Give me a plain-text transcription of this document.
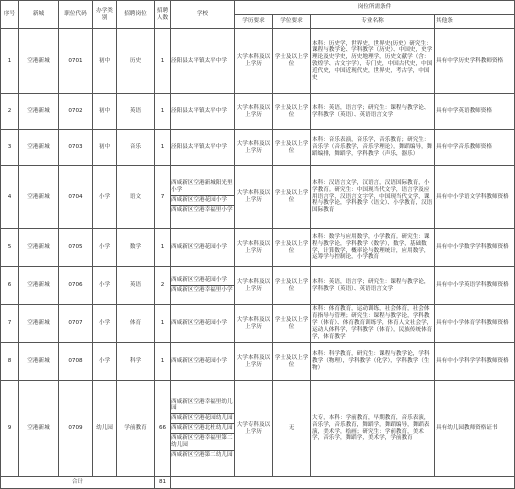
序号	新城	职位代码	办学类别	招聘岗位	招聘人数	学校	岗位所需条件			
							学历要求	学位要求	专业名称	其他条
1	空港新城	0701	初中	历史	1	泾阳县太平镇太平中学	大学本科及以上学历	学士及以上学位	本科：历史学，世界史，世界史(历史）研究生：课程与教学论、学科教学（历史）、中国史，史学理论及史学史，历史地理学，历史文献学（含：敦煌学、古文字学），专门史，中国古代史，中国近代史，中国近现代史，世界史，考古学，中国史	具有中学历史学科教师资格
2	空港新城	0702	初中	英语	1	泾阳县太平镇太平中学	大学本科及以上学历	学士及以上学位	本科：英语，语言学；研究生：课程与教学论、学科教学（英语）、英语语言文学	具有中学英语教师资格
3	空港新城	0703	初中	音乐	1	泾阳县太平镇太平中学	大学本科及以上学历	学士及以上学位	本科：音乐表演，音乐学，音乐教育；研究生：音乐学（音乐教学，音乐学理论），舞蹈编导，舞蹈编排，舞蹈学，学科教学（声乐，器乐）	具有中学音乐教师资格
4	空港新城	0704	小学	语文	7	西咸新区空港新城阳光里小学
西咸新区空港花园小学
西咸新区空港幸福里小学	大学本科及以上学历	学士及以上学位	本科：汉语言文学，汉语言，汉语国际教育，小学教育。研究生：中国现当代文学，语言学及应用语言学，汉语言文字学，中国现当代文学，课程与教学论，学科教学（语文）、小学教育，汉语国际教育	具有中小学语文学科教师资格
5	空港新城	0705	小学	数学	1	西咸新区空港花园小学	大学本科及以上学历	学士及以上学位	本科：数学与应用数学，小学教育。研究生：课程与教学论，学科教学（数学），数学，基础数学，计算数学，概率论与数理统计，应用数学，运筹学与控制论，小学教育	具有中小学数学学科教师资格
6	空港新城	0706	小学	英语	2	西咸新区空港花园小学
西咸新区空港幸福里小学	大学本科及以上学历	学士及以上学位	本科：英语，语言学；研究生：课程与教学论，学科教学（英语）、英语语言文学	具有中小学英语学科教师资格
7	空港新城	0707	小学	体育	1	西咸新区空港花园小学	大学本科及以上学历	学士及以上学位	本科：体育教育，运动训练，社会体育，社会体育指导与管理；研究生：课程与教学论，学科教学（体育）、体育教育训练学，体育人文社会学，运动人体科学，学科教学（体育），民族传统体育学，体育教学	具有中小学体育学科教师资格
8	空港新城	0708	小学	科学	1	西咸新区空港花园小学	大学本科及以上学历	学士及以上学位	本科：科学教育，研究生：课程与教学论，学科教学（物理），学科教学（化学），学科教学（生物）	具有中小学科学学科教师资格
9	空港新城	0709	幼儿园	学前教育	66	西咸新区空港幸福里幼儿园
西咸新区空港花园幼儿园
西咸新区空港北杜幼儿园
西咸新区空港幸福里第二幼儿园
西咸新区空港第二幼儿园	大学专科及以上学历	无	大专，本科：学前教育，早期教育，音乐表演，音乐学，音乐教育，舞蹈学，舞蹈编导，舞蹈表演，美术学，绘画；研究生：学前教育，美术学，音乐学，舞蹈学，美术学，学前教育	具有幼儿园教师资格证书
合计					81					
